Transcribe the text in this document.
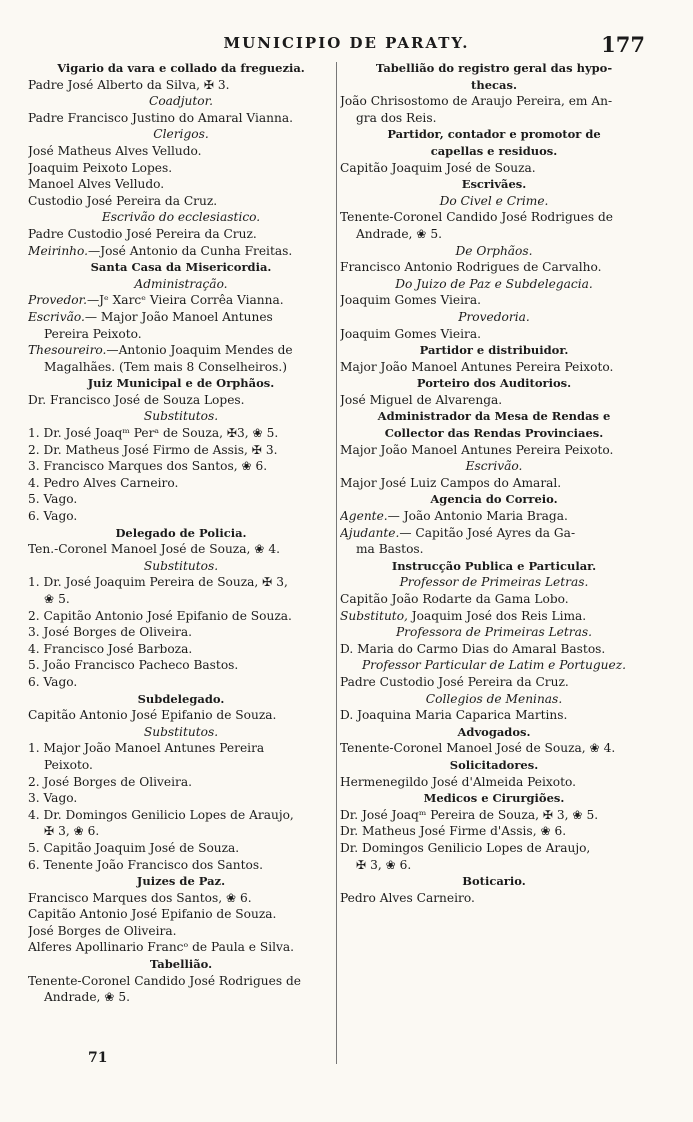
MUNICIPIO DE PARATY.	177
Vigario da vara e collado da freguezia.
Padre José Alberto da Silva, ✠ 3.
Coadjutor.
Padre Francisco Justino do Amaral Vianna.
Clerigos.
José Matheus Alves Velludo.
Joaquim Peixoto Lopes.
Manoel Alves Velludo.
Custodio José Pereira da Cruz.
Escrivão do ecclesiastico.
Padre Custodio José Pereira da Cruz.
Meirinho.—José Antonio da Cunha Freitas.
Santa Casa da Misericordia.
Administração.
Provedor.—Jᵉ Xarcᵉ Vieira Corrêa Vianna.
Escrivão.— Major João Manoel Antunes
Pereira Peixoto.
Thesoureiro.—Antonio Joaquim Mendes de
Magalhães. (Tem mais 8 Conselheiros.)
Juiz Municipal e de Orphãos.
Dr. Francisco José de Souza Lopes.
Substitutos.
1. Dr. José Joaqᵐ Perᵃ de Souza, ✠3, ❀ 5.
2. Dr. Matheus José Firmo de Assis, ✠ 3.
3. Francisco Marques dos Santos, ❀ 6.
4. Pedro Alves Carneiro.
5. Vago.
6. Vago.
Delegado de Policia.
Ten.-Coronel Manoel José de Souza, ❀ 4.
Substitutos.
1. Dr. José Joaquim Pereira de Souza, ✠ 3,
❀ 5.
2. Capitão Antonio José Epifanio de Souza.
3. José Borges de Oliveira.
4. Francisco José Barboza.
5. João Francisco Pacheco Bastos.
6. Vago.
Subdelegado.
Capitão Antonio José Epifanio de Souza.
Substitutos.
1. Major João Manoel Antunes Pereira
Peixoto.
2. José Borges de Oliveira.
3. Vago.
4. Dr. Domingos Genilicio Lopes de Araujo,
✠ 3, ❀ 6.
5. Capitão Joaquim José de Souza.
6. Tenente João Francisco dos Santos.
Juizes de Paz.
Francisco Marques dos Santos, ❀ 6.
Capitão Antonio José Epifanio de Souza.
José Borges de Oliveira.
Alferes Apollinario Francᵒ de Paula e Silva.
Tabellião.
Tenente-Coronel Candido José Rodrigues de
Andrade, ❀ 5.
71
Tabellião do registro geral das hypo-
thecas.
João Chrisostomo de Araujo Pereira, em An-
gra dos Reis.
Partidor, contador e promotor de
capellas e residuos.
Capitão Joaquim José de Souza.
Escrivães.
Do Civel e Crime.
Tenente-Coronel Candido José Rodrigues de
Andrade, ❀ 5.
De Orphãos.
Francisco Antonio Rodrigues de Carvalho.
Do Juizo de Paz e Subdelegacia.
Joaquim Gomes Vieira.
Provedoria.
Joaquim Gomes Vieira.
Partidor e distribuidor.
Major João Manoel Antunes Pereira Peixoto.
Porteiro dos Auditorios.
José Miguel de Alvarenga.
Administrador da Mesa de Rendas e
Collector das Rendas Provinciaes.
Major João Manoel Antunes Pereira Peixoto.
Escrivão.
Major José Luiz Campos do Amaral.
Agencia do Correio.
Agente.— João Antonio Maria Braga.
Ajudante.— Capitão José Ayres da Ga-
ma Bastos.
Instrucção Publica e Particular.
Professor de Primeiras Letras.
Capitão João Rodarte da Gama Lobo.
Substituto, Joaquim José dos Reis Lima.
Professora de Primeiras Letras.
D. Maria do Carmo Dias do Amaral Bastos.
Professor Particular de Latim e Portuguez.
Padre Custodio José Pereira da Cruz.
Collegios de Meninas.
D. Joaquina Maria Caparica Martins.
Advogados.
Tenente-Coronel Manoel José de Souza, ❀ 4.
Solicitadores.
Hermenegildo José d'Almeida Peixoto.
Medicos e Cirurgiões.
Dr. José Joaqᵐ Pereira de Souza, ✠ 3, ❀ 5.
Dr. Matheus José Firme d'Assis, ❀ 6.
Dr. Domingos Genilicio Lopes de Araujo,
✠ 3, ❀ 6.
Boticario.
Pedro Alves Carneiro.
